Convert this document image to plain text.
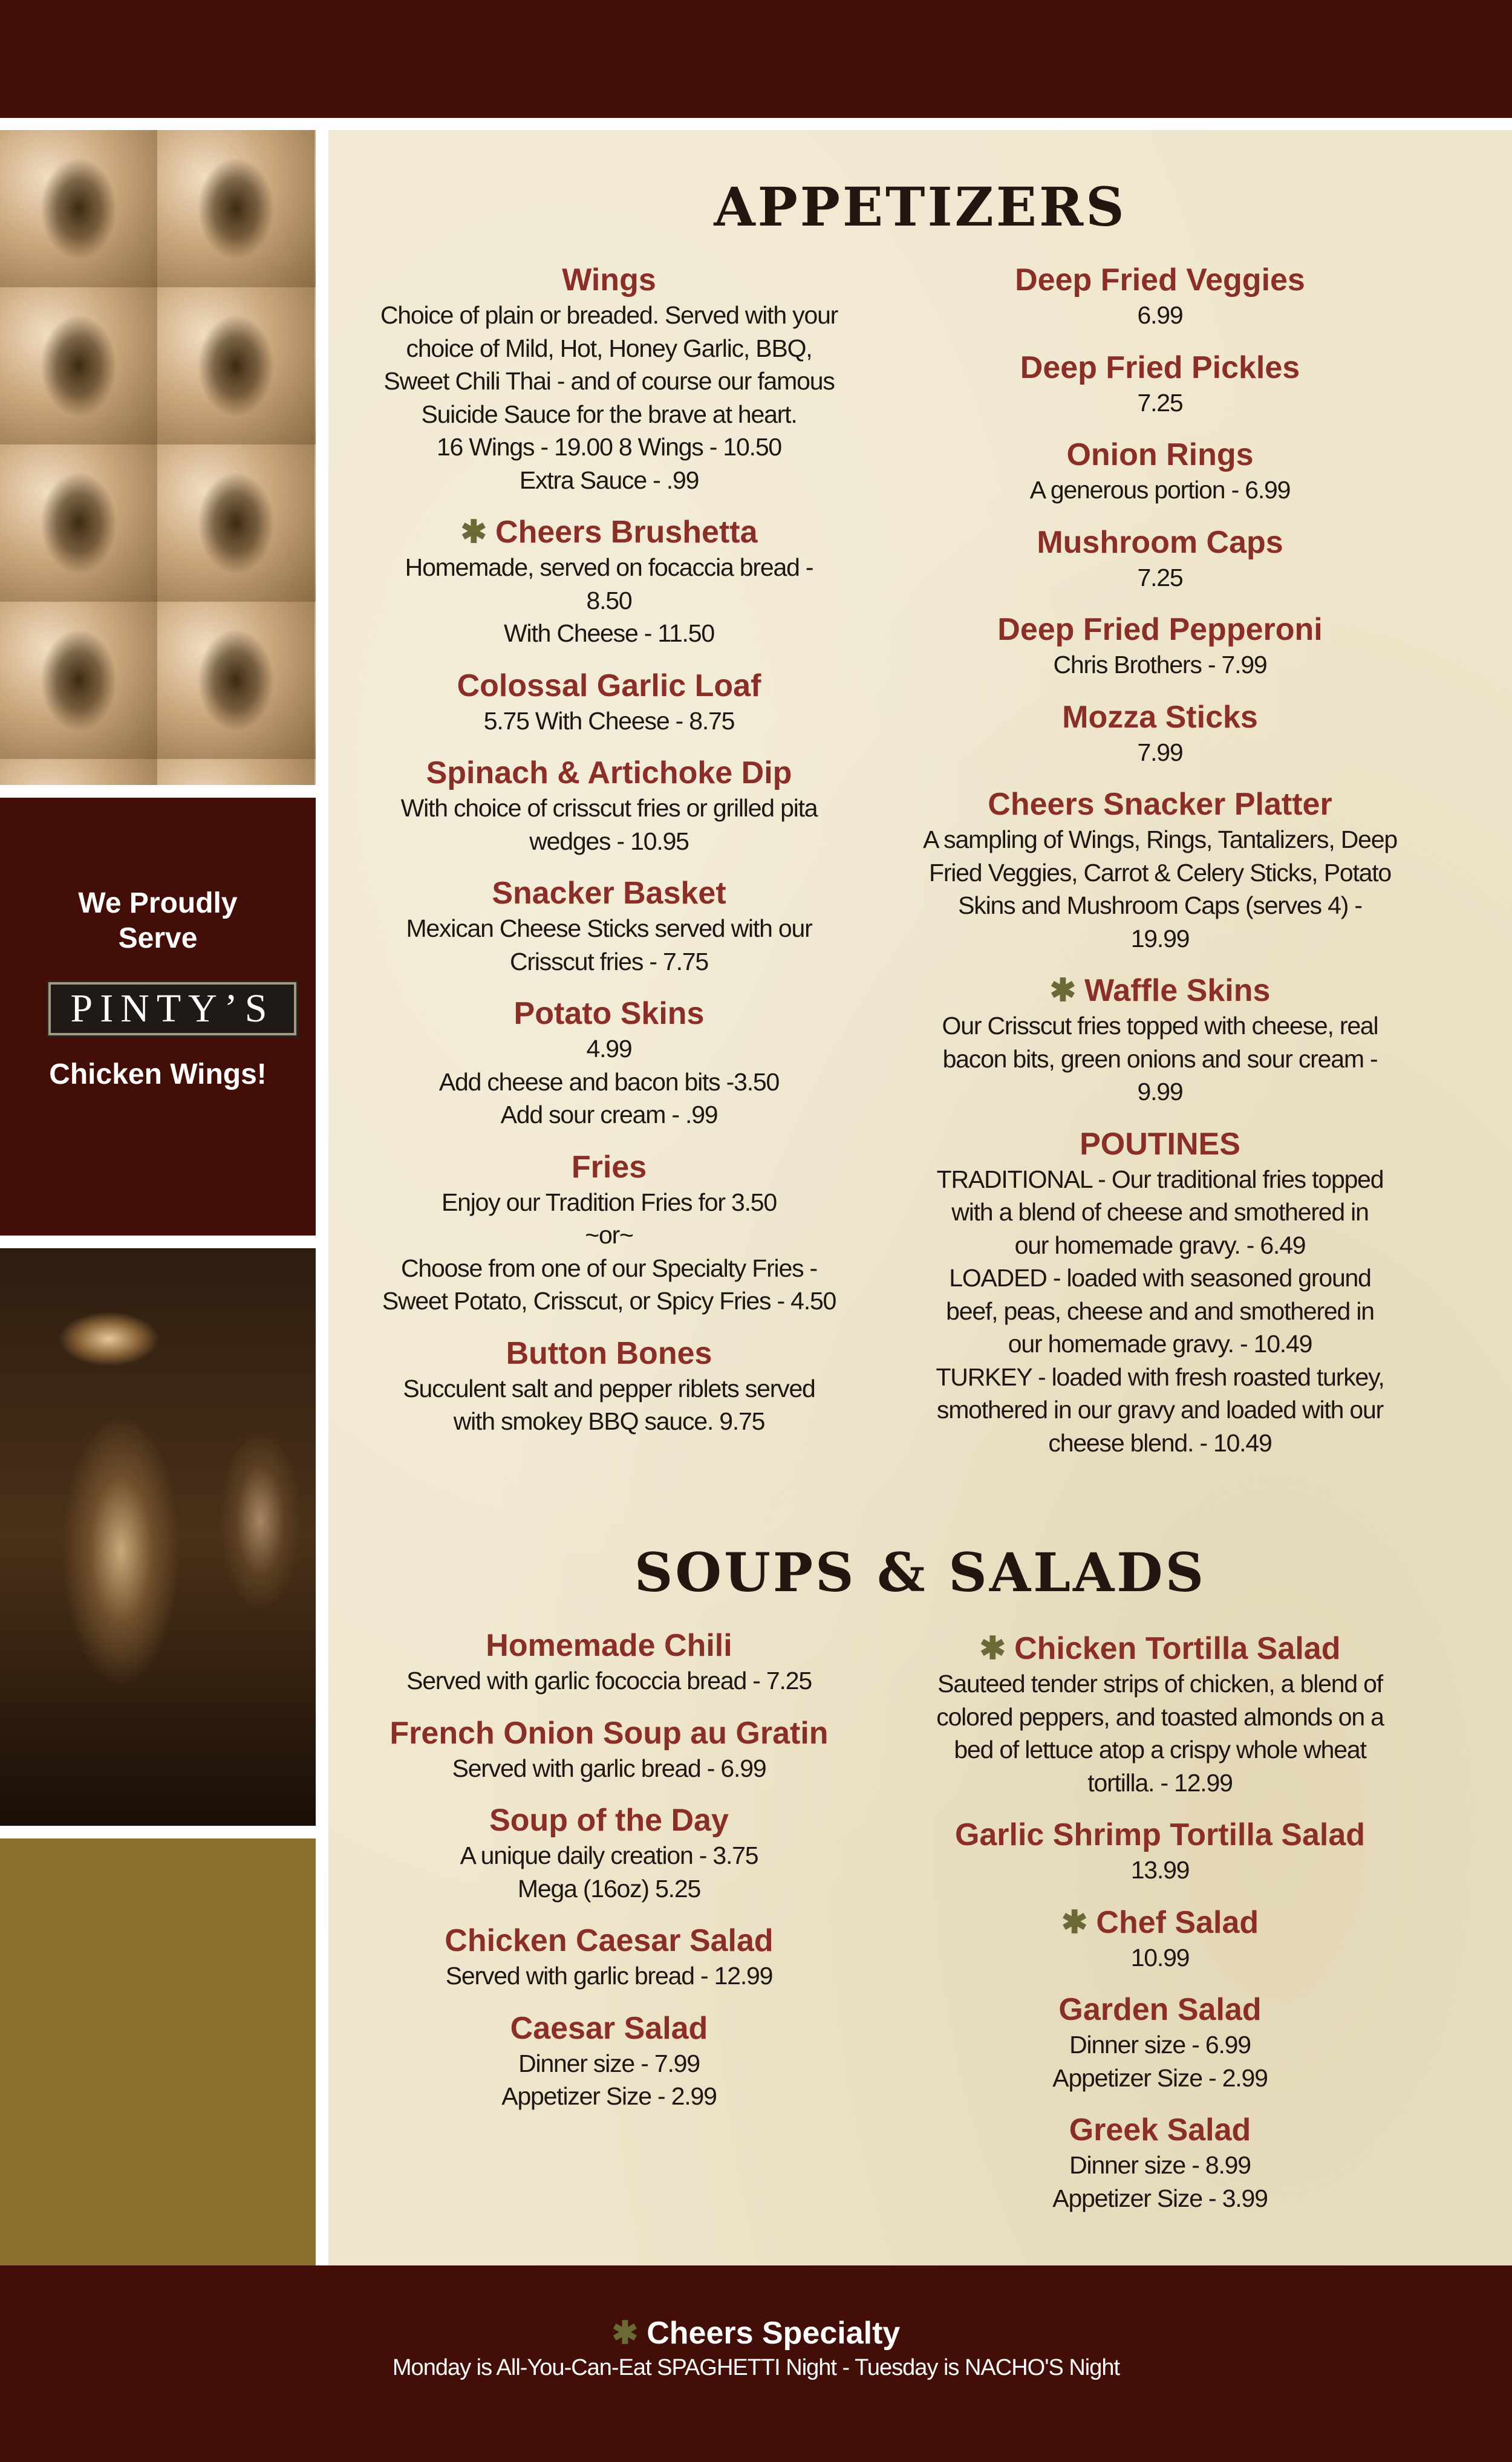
We Proudly
Serve
PINTY’S
Chicken Wings!
APPETIZERS
Wings
Choice of plain or breaded. Served with your
choice of Mild, Hot, Honey Garlic, BBQ,
Sweet Chili Thai - and of course our famous
Suicide Sauce for the brave at heart.
16 Wings - 19.00 8 Wings - 10.50
Extra Sauce - .99
✱ Cheers Brushetta
Homemade, served on focaccia bread -
8.50
With Cheese - 11.50
Colossal Garlic Loaf
5.75 With Cheese - 8.75
Spinach & Artichoke Dip
With choice of crisscut fries or grilled pita
wedges - 10.95
Snacker Basket
Mexican Cheese Sticks served with our
Crisscut fries - 7.75
Potato Skins
4.99
Add cheese and bacon bits -3.50
Add sour cream - .99
Fries
Enjoy our Tradition Fries for 3.50
~or~
Choose from one of our Specialty Fries -
Sweet Potato, Crisscut, or Spicy Fries - 4.50
Button Bones
Succulent salt and pepper riblets served
with smokey BBQ sauce. 9.75
Deep Fried Veggies
6.99
Deep Fried Pickles
7.25
Onion Rings
A generous portion - 6.99
Mushroom Caps
7.25
Deep Fried Pepperoni
Chris Brothers - 7.99
Mozza Sticks
7.99
Cheers Snacker Platter
A sampling of Wings, Rings, Tantalizers, Deep
Fried Veggies, Carrot & Celery Sticks, Potato
Skins and Mushroom Caps (serves 4) -
19.99
✱ Waffle Skins
Our Crisscut fries topped with cheese, real
bacon bits, green onions and sour cream -
9.99
POUTINES
TRADITIONAL - Our traditional fries topped
with a blend of cheese and smothered in
our homemade gravy. - 6.49
LOADED - loaded with seasoned ground
beef, peas, cheese and and smothered in
our homemade gravy. - 10.49
TURKEY - loaded with fresh roasted turkey,
smothered in our gravy and loaded with our
cheese blend. - 10.49
SOUPS & SALADS
Homemade Chili
Served with garlic fococcia bread - 7.25
French Onion Soup au Gratin
Served with garlic bread - 6.99
Soup of the Day
A unique daily creation - 3.75
Mega (16oz) 5.25
Chicken Caesar Salad
Served with garlic bread - 12.99
Caesar Salad
Dinner size - 7.99
Appetizer Size - 2.99
✱ Chicken Tortilla Salad
Sauteed tender strips of chicken, a blend of
colored peppers, and toasted almonds on a
bed of lettuce atop a crispy whole wheat
tortilla. - 12.99
Garlic Shrimp Tortilla Salad
13.99
✱ Chef Salad
10.99
Garden Salad
Dinner size - 6.99
Appetizer Size - 2.99
Greek Salad
Dinner size - 8.99
Appetizer Size - 3.99
✱ Cheers Specialty
Monday is All-You-Can-Eat SPAGHETTI Night - Tuesday is NACHO'S Night
